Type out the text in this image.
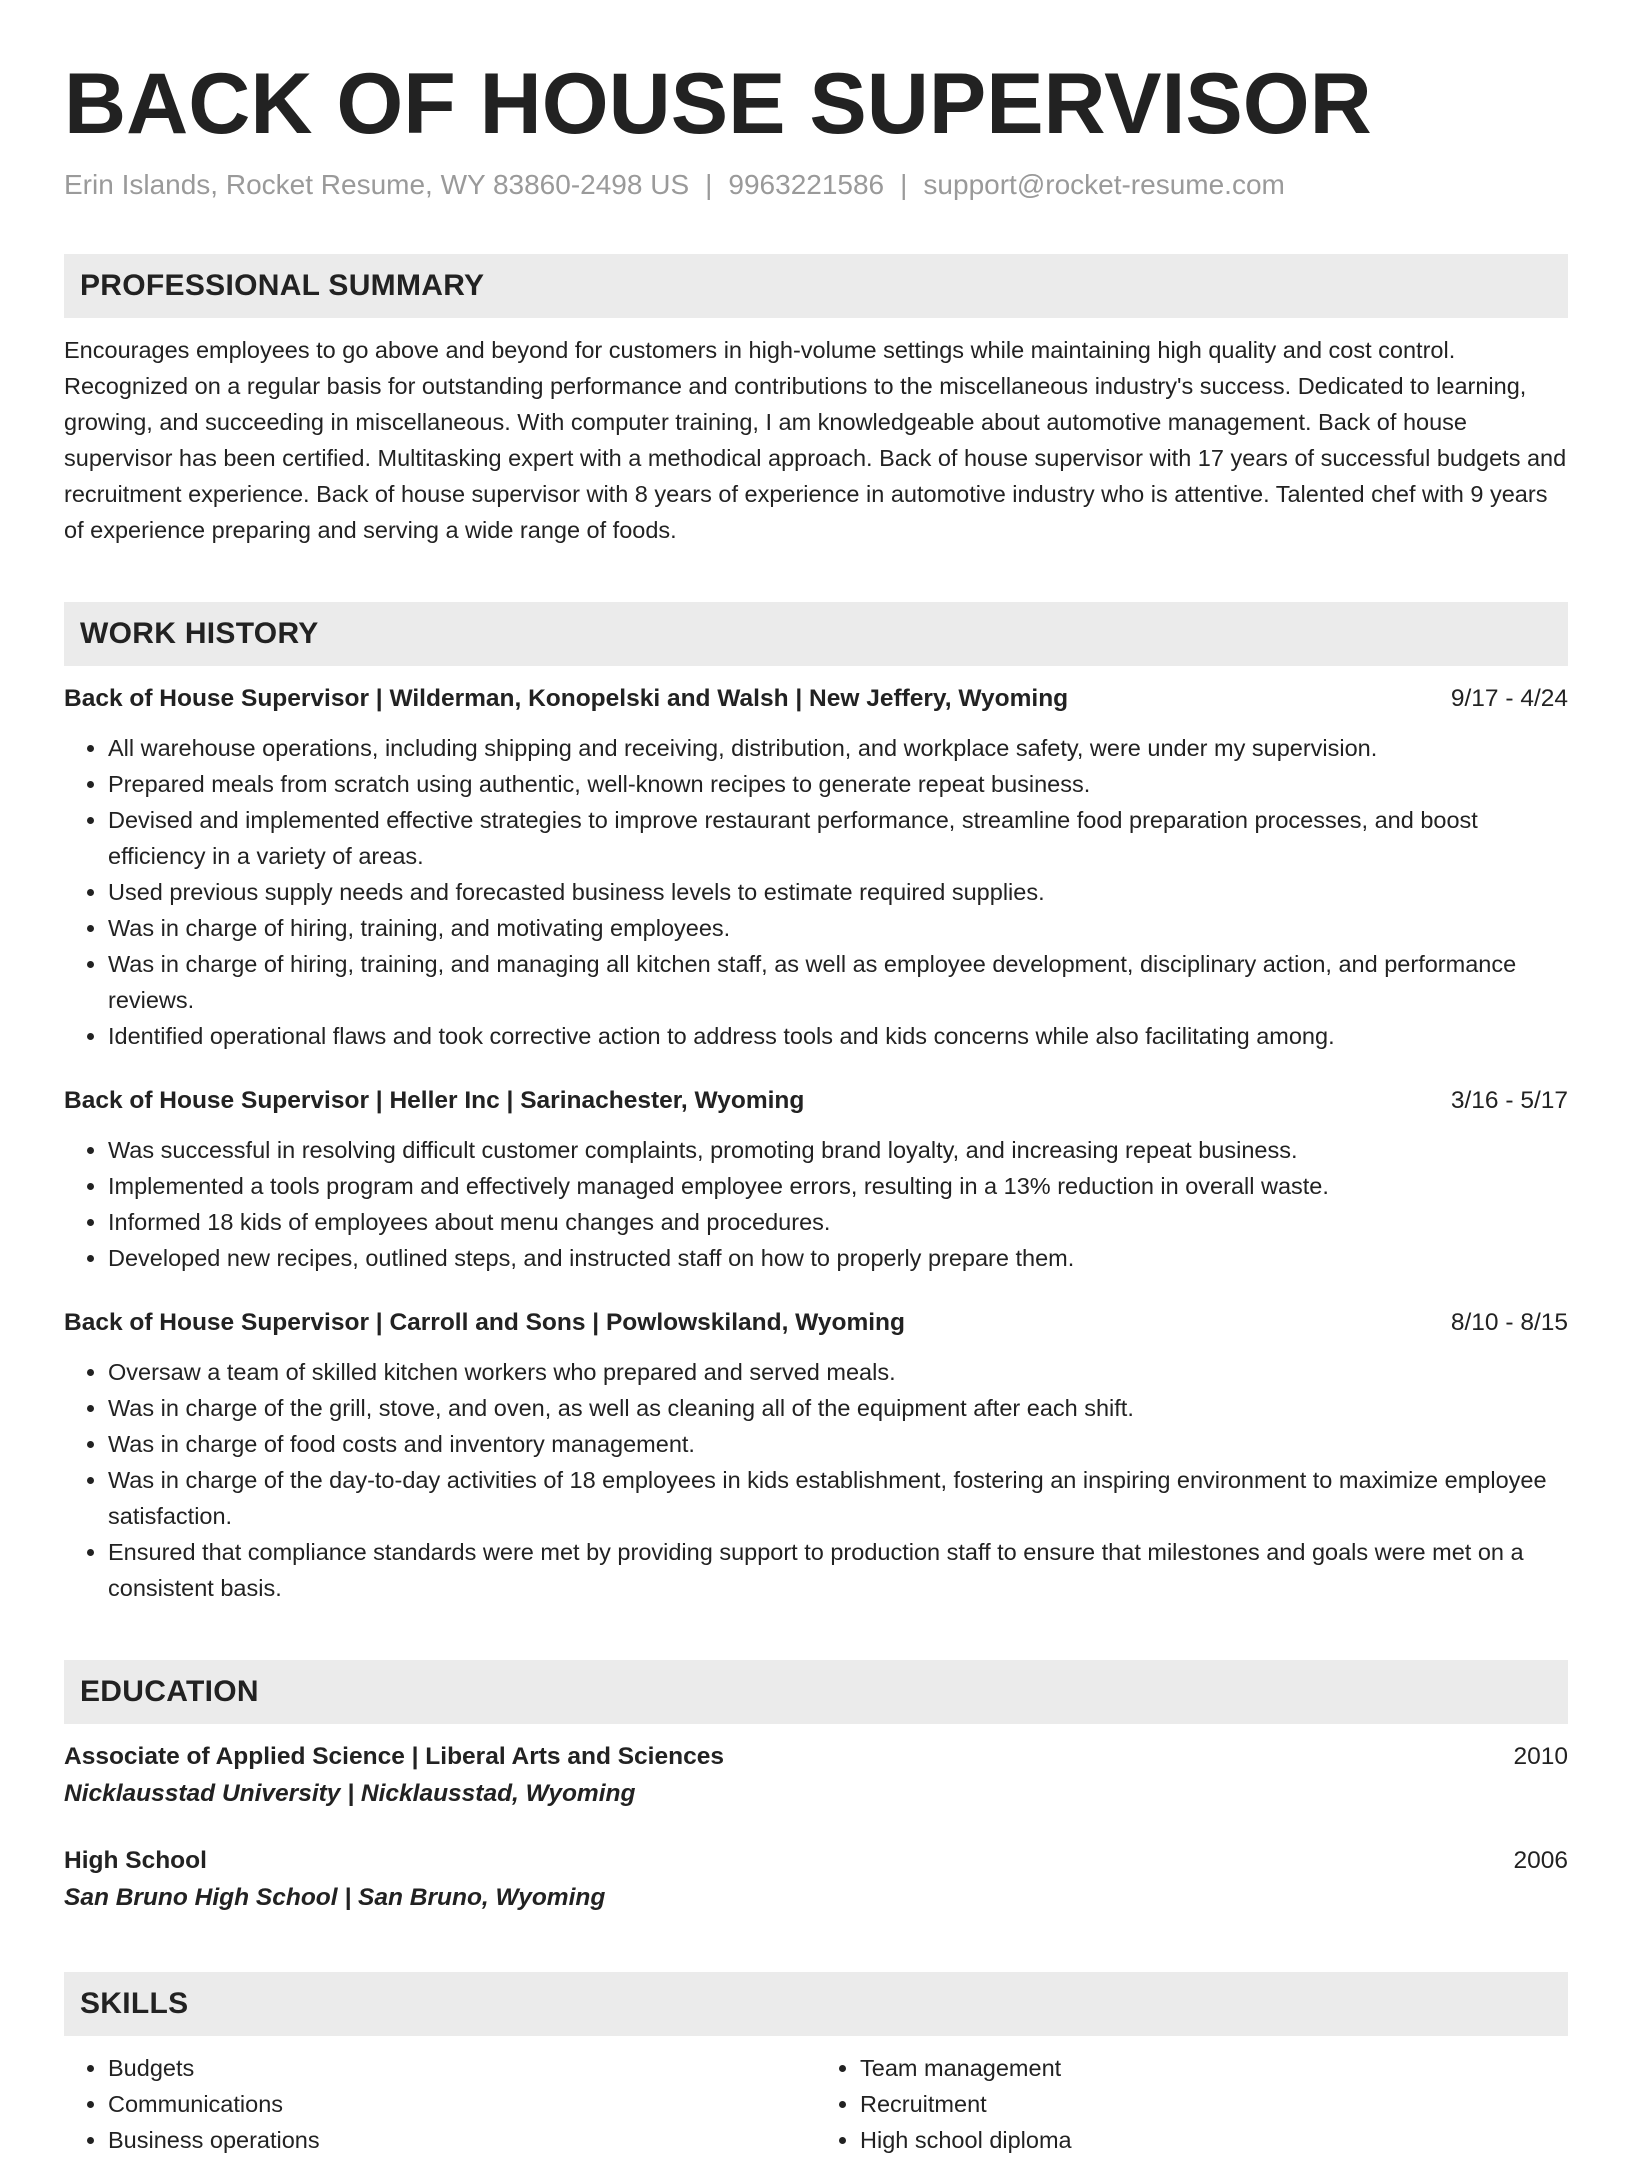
BACK OF HOUSE SUPERVISOR
Erin Islands, Rocket Resume, WY 83860-2498 US | 9963221586 | support@rocket-resume.com
PROFESSIONAL SUMMARY
Encourages employees to go above and beyond for customers in high-volume settings while maintaining high quality and cost control. Recognized on a regular basis for outstanding performance and contributions to the miscellaneous industry's success. Dedicated to learning, growing, and succeeding in miscellaneous. With computer training, I am knowledgeable about automotive management. Back of house supervisor has been certified. Multitasking expert with a methodical approach. Back of house supervisor with 17 years of successful budgets and recruitment experience. Back of house supervisor with 8 years of experience in automotive industry who is attentive. Talented chef with 9 years of experience preparing and serving a wide range of foods.
WORK HISTORY
Back of House Supervisor | Wilderman, Konopelski and Walsh | New Jeffery, Wyoming	9/17 - 4/24
• All warehouse operations, including shipping and receiving, distribution, and workplace safety, were under my supervision.
• Prepared meals from scratch using authentic, well-known recipes to generate repeat business.
• Devised and implemented effective strategies to improve restaurant performance, streamline food preparation processes, and boost efficiency in a variety of areas.
• Used previous supply needs and forecasted business levels to estimate required supplies.
• Was in charge of hiring, training, and motivating employees.
• Was in charge of hiring, training, and managing all kitchen staff, as well as employee development, disciplinary action, and performance reviews.
• Identified operational flaws and took corrective action to address tools and kids concerns while also facilitating among.
Back of House Supervisor | Heller Inc | Sarinachester, Wyoming	3/16 - 5/17
• Was successful in resolving difficult customer complaints, promoting brand loyalty, and increasing repeat business.
• Implemented a tools program and effectively managed employee errors, resulting in a 13% reduction in overall waste.
• Informed 18 kids of employees about menu changes and procedures.
• Developed new recipes, outlined steps, and instructed staff on how to properly prepare them.
Back of House Supervisor | Carroll and Sons | Powlowskiland, Wyoming	8/10 - 8/15
• Oversaw a team of skilled kitchen workers who prepared and served meals.
• Was in charge of the grill, stove, and oven, as well as cleaning all of the equipment after each shift.
• Was in charge of food costs and inventory management.
• Was in charge of the day-to-day activities of 18 employees in kids establishment, fostering an inspiring environment to maximize employee satisfaction.
• Ensured that compliance standards were met by providing support to production staff to ensure that milestones and goals were met on a consistent basis.
EDUCATION
Associate of Applied Science | Liberal Arts and Sciences	2010
Nicklausstad University | Nicklausstad, Wyoming
High School	2006
San Bruno High School | San Bruno, Wyoming
SKILLS
• Budgets
• Communications
• Business operations
• Team management
• Recruitment
• High school diploma
